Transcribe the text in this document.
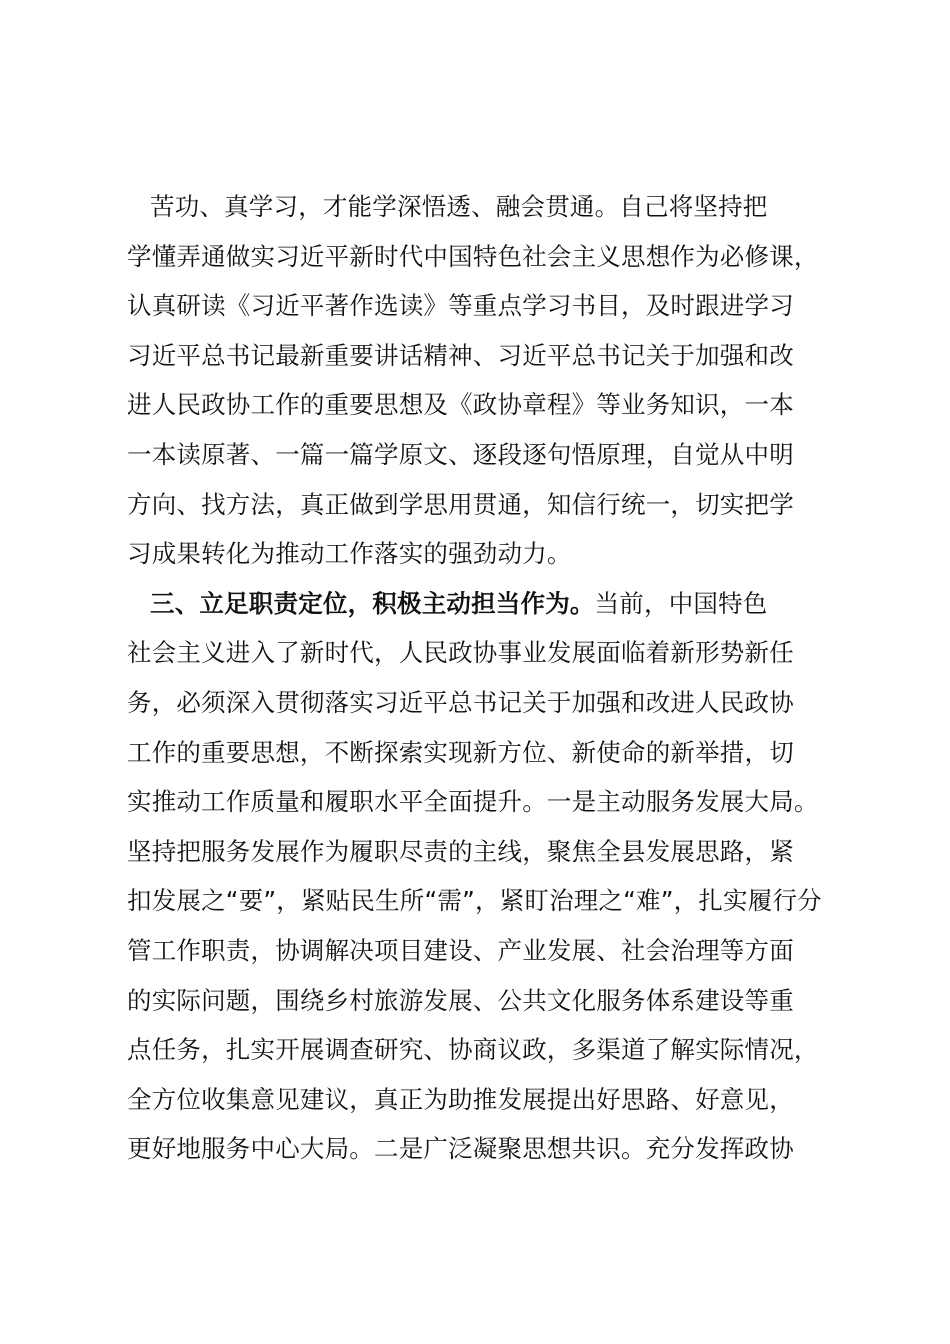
苦功、真学习，才能学深悟透、融会贯通。自己将坚持把
学懂弄通做实习近平新时代中国特色社会主义思想作为必修课，
认真研读《习近平著作选读》等重点学习书目，及时跟进学习
习近平总书记最新重要讲话精神、习近平总书记关于加强和改
进人民政协工作的重要思想及《政协章程》等业务知识，一本
一本读原著、一篇一篇学原文、逐段逐句悟原理，自觉从中明
方向、找方法，真正做到学思用贯通，知信行统一，切实把学
习成果转化为推动工作落实的强劲动力。
三、立足职责定位，积极主动担当作为。当前，中国特色
社会主义进入了新时代，人民政协事业发展面临着新形势新任
务，必须深入贯彻落实习近平总书记关于加强和改进人民政协
工作的重要思想，不断探索实现新方位、新使命的新举措，切
实推动工作质量和履职水平全面提升。一是主动服务发展大局。
坚持把服务发展作为履职尽责的主线，聚焦全县发展思路，紧
扣发展之“要”，紧贴民生所“需”，紧盯治理之“难”，扎实履行分
管工作职责，协调解决项目建设、产业发展、社会治理等方面
的实际问题，围绕乡村旅游发展、公共文化服务体系建设等重
点任务，扎实开展调查研究、协商议政，多渠道了解实际情况，
全方位收集意见建议，真正为助推发展提出好思路、好意见，
更好地服务中心大局。二是广泛凝聚思想共识。充分发挥政协
